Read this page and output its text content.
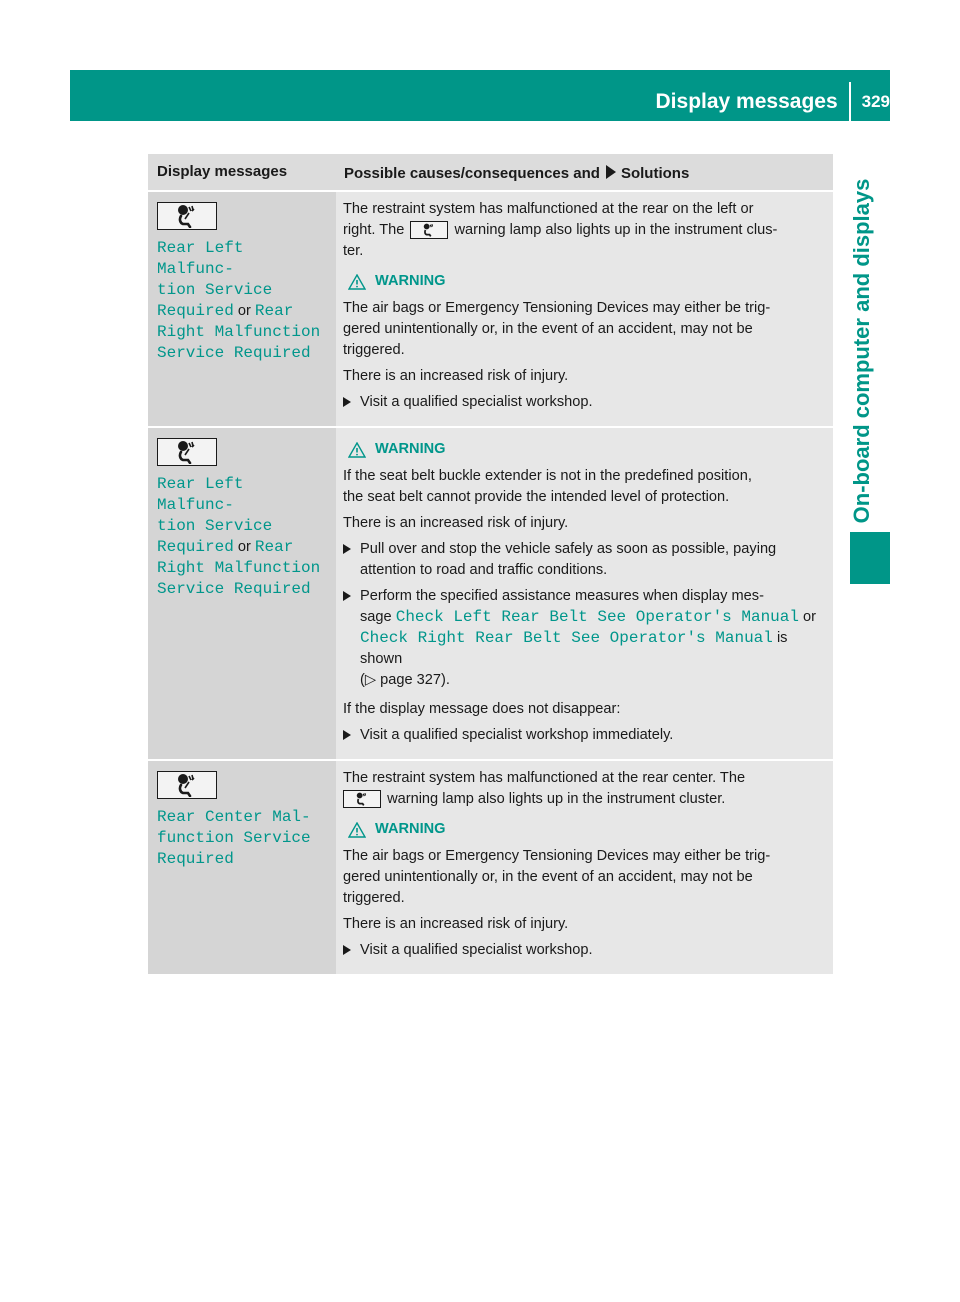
Display messages 329
On-board computer and displays
Display messages	Possible causes/consequences and Solutions
Rear Left Malfunc‐
tion Service
Required or Rear
Right Malfunction
Service Required

The restraint system has malfunctioned at the rear on the left or
right. The	warning lamp also lights up in the instrument clus-
ter.

WARNING

The air bags or Emergency Tensioning Devices may either be trig-
gered unintentionally or, in the event of an accident, may not be
triggered.

There is an increased risk of injury.

Visit a qualified specialist workshop.
Rear Left Malfunc‐
tion Service
Required or Rear
Right Malfunction
Service Required
WARNING

If the seat belt buckle extender is not in the predefined position,
the seat belt cannot provide the intended level of protection.

There is an increased risk of injury.

Pull over and stop the vehicle safely as soon as possible, paying
attention to road and traffic conditions.
Perform the specified assistance measures when display mes-
sage Check Left Rear Belt See Operator's Manual or
Check Right Rear Belt See Operator's Manual is shown
(▷ page 327).

If the display message does not disappear:

Visit a qualified specialist workshop immediately.
Rear Center Mal‐
function Service
Required

The restraint system has malfunctioned at the rear center. The

warning lamp also lights up in the instrument cluster.

WARNING

The air bags or Emergency Tensioning Devices may either be trig-
gered unintentionally or, in the event of an accident, may not be
triggered.

There is an increased risk of injury.

Visit a qualified specialist workshop.
